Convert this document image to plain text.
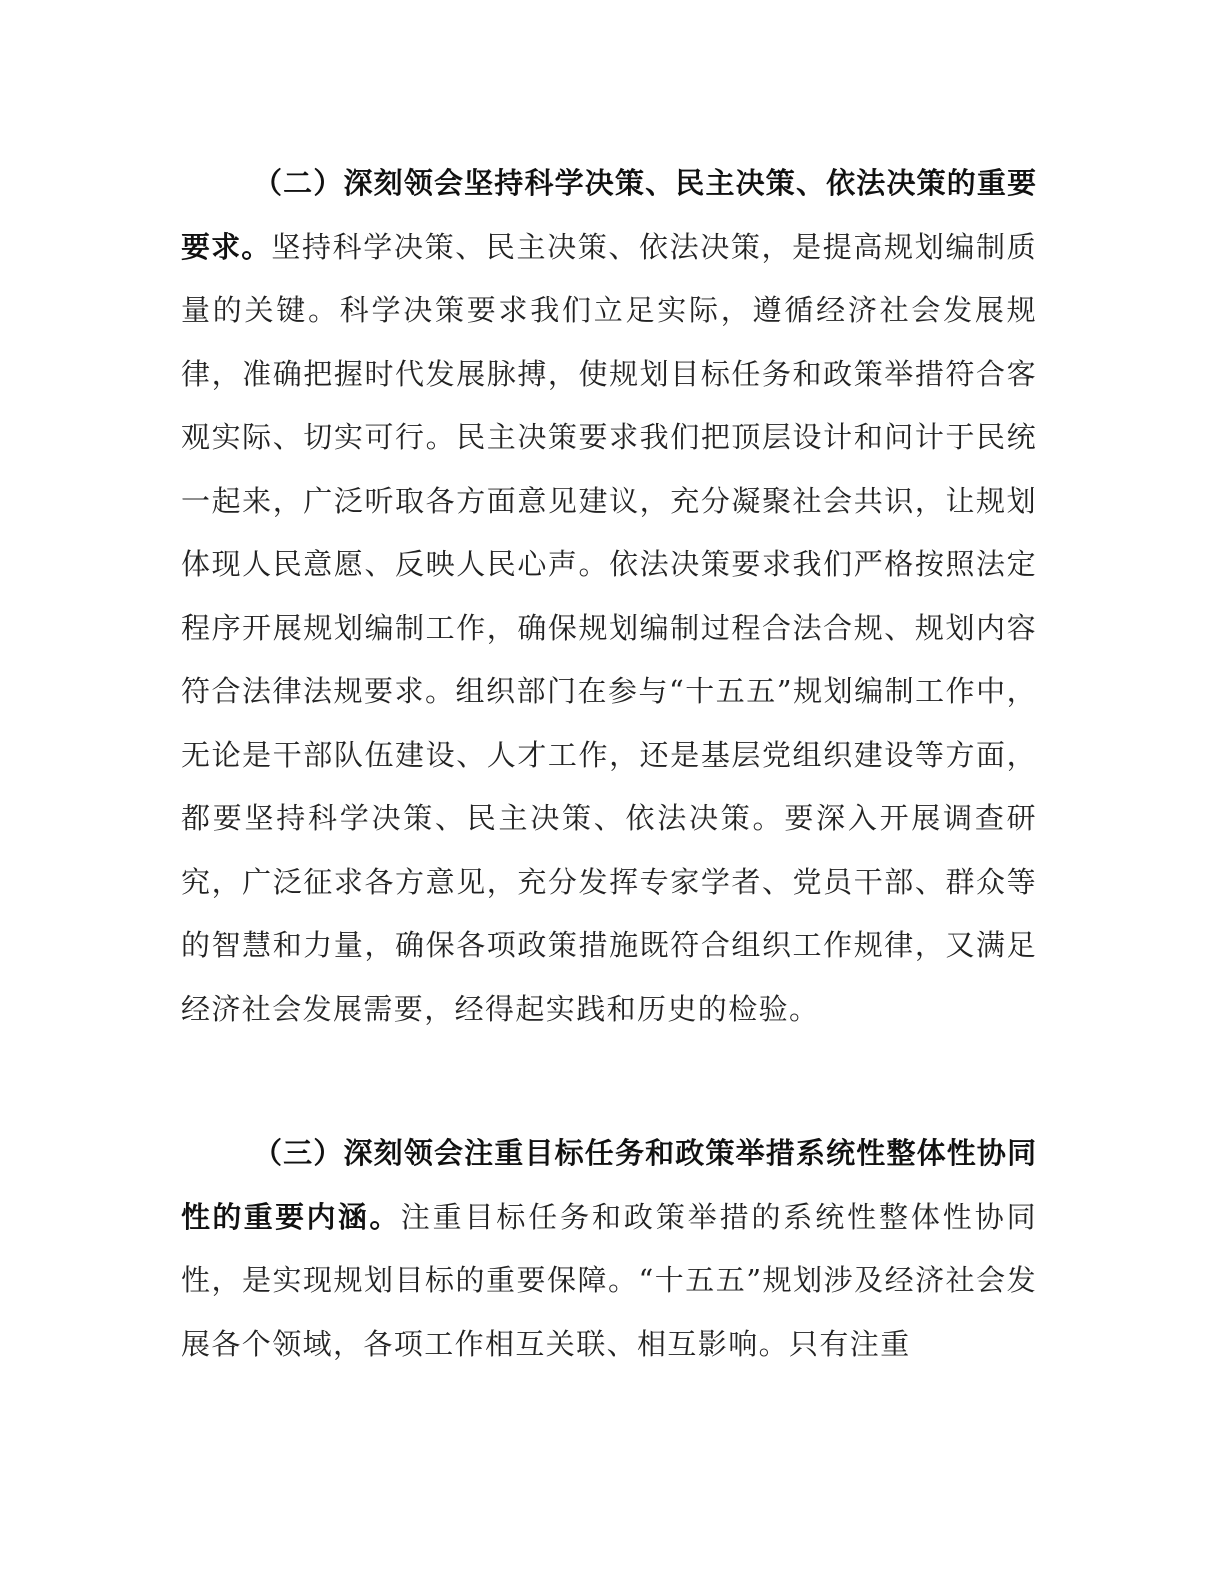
（二）深刻领会坚持科学决策、民主决策、依法决策的重要要求。坚持科学决策、民主决策、依法决策，是提高规划编制质量的关键。科学决策要求我们立足实际，遵循经济社会发展规律，准确把握时代发展脉搏，使规划目标任务和政策举措符合客观实际、切实可行。民主决策要求我们把顶层设计和问计于民统一起来，广泛听取各方面意见建议，充分凝聚社会共识，让规划体现人民意愿、反映人民心声。依法决策要求我们严格按照法定程序开展规划编制工作，确保规划编制过程合法合规、规划内容符合法律法规要求。组织部门在参与“十五五”规划编制工作中，无论是干部队伍建设、人才工作，还是基层党组织建设等方面，都要坚持科学决策、民主决策、依法决策。要深入开展调查研究，广泛征求各方意见，充分发挥专家学者、党员干部、群众等的智慧和力量，确保各项政策措施既符合组织工作规律，又满足经济社会发展需要，经得起实践和历史的检验。

（三）深刻领会注重目标任务和政策举措系统性整体性协同性的重要内涵。注重目标任务和政策举措的系统性整体性协同性，是实现规划目标的重要保障。“十五五”规划涉及经济社会发展各个领域，各项工作相互关联、相互影响。只有注重
